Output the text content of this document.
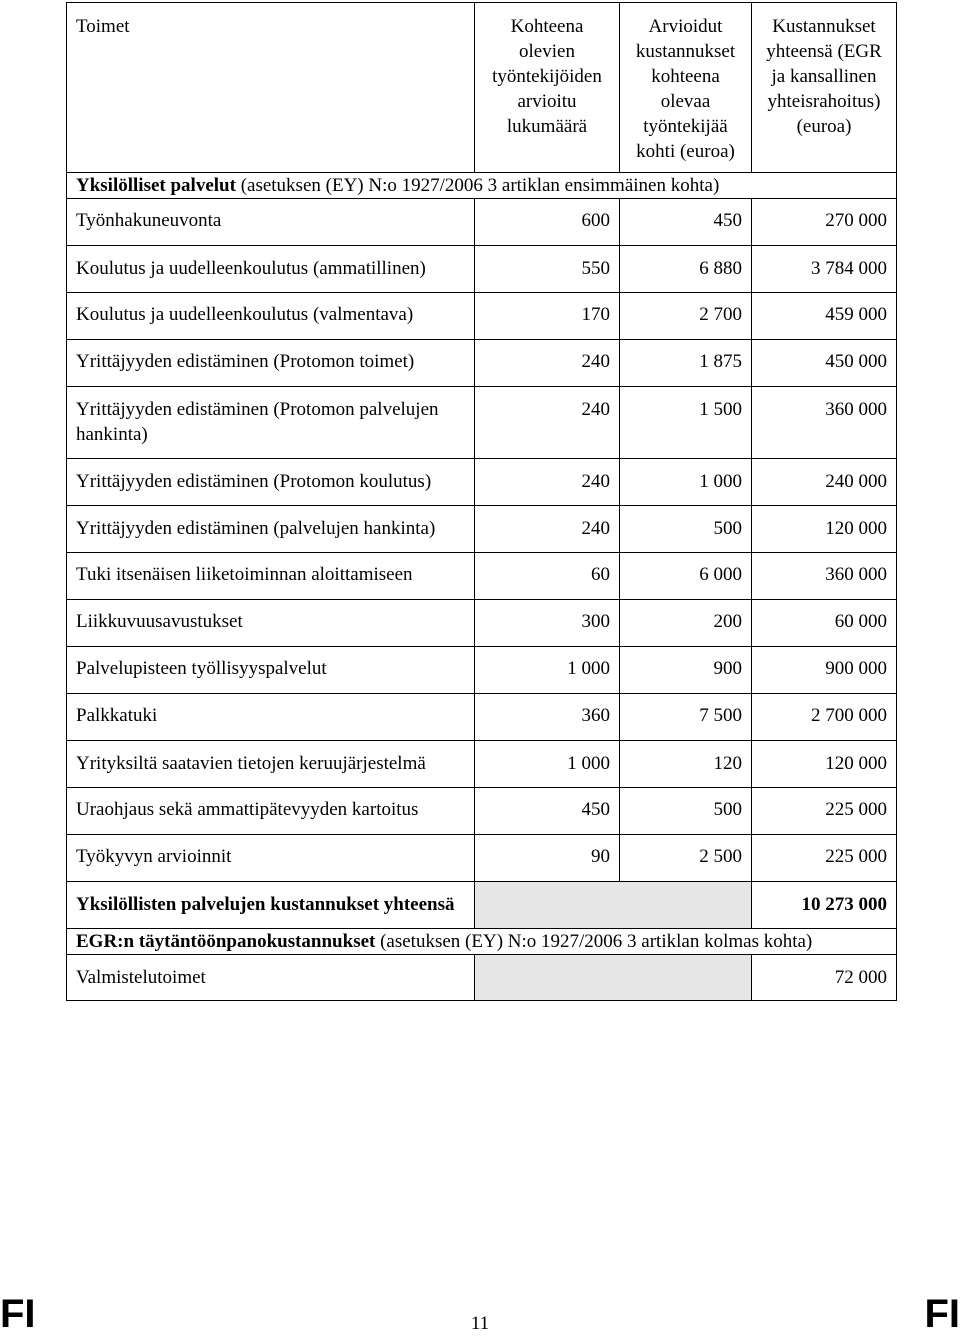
Toimet	Kohteena olevien työntekijöiden arvioitu lukumäärä	Arvioidut kustannukset kohteena olevaa työntekijää kohti (euroa)	Kustannukset yhteensä (EGR ja kansallinen yhteisrahoitus) (euroa)
Yksilölliset palvelut (asetuksen (EY) N:o 1927/2006 3 artiklan ensimmäinen kohta)			
Työnhakuneuvonta	600	450	270 000
Koulutus ja uudelleenkoulutus (ammatillinen)	550	6 880	3 784 000
Koulutus ja uudelleenkoulutus (valmentava)	170	2 700	459 000
Yrittäjyyden edistäminen (Protomon toimet)	240	1 875	450 000
Yrittäjyyden edistäminen (Protomon palvelujen hankinta)	240	1 500	360 000
Yrittäjyyden edistäminen (Protomon koulutus)	240	1 000	240 000
Yrittäjyyden edistäminen (palvelujen hankinta)	240	500	120 000
Tuki itsenäisen liiketoiminnan aloittamiseen	60	6 000	360 000
Liikkuvuusavustukset	300	200	60 000
Palvelupisteen työllisyyspalvelut	1 000	900	900 000
Palkkatuki	360	7 500	2 700 000
Yrityksiltä saatavien tietojen keruujärjestelmä	1 000	120	120 000
Uraohjaus sekä ammattipätevyyden kartoitus	450	500	225 000
Työkyvyn arvioinnit	90	2 500	225 000
Yksilöllisten palvelujen kustannukset yhteensä			10 273 000
EGR:n täytäntöönpanokustannukset (asetuksen (EY) N:o 1927/2006 3 artiklan kolmas kohta)			
Valmistelutoimet			72 000
FI	11	FI
